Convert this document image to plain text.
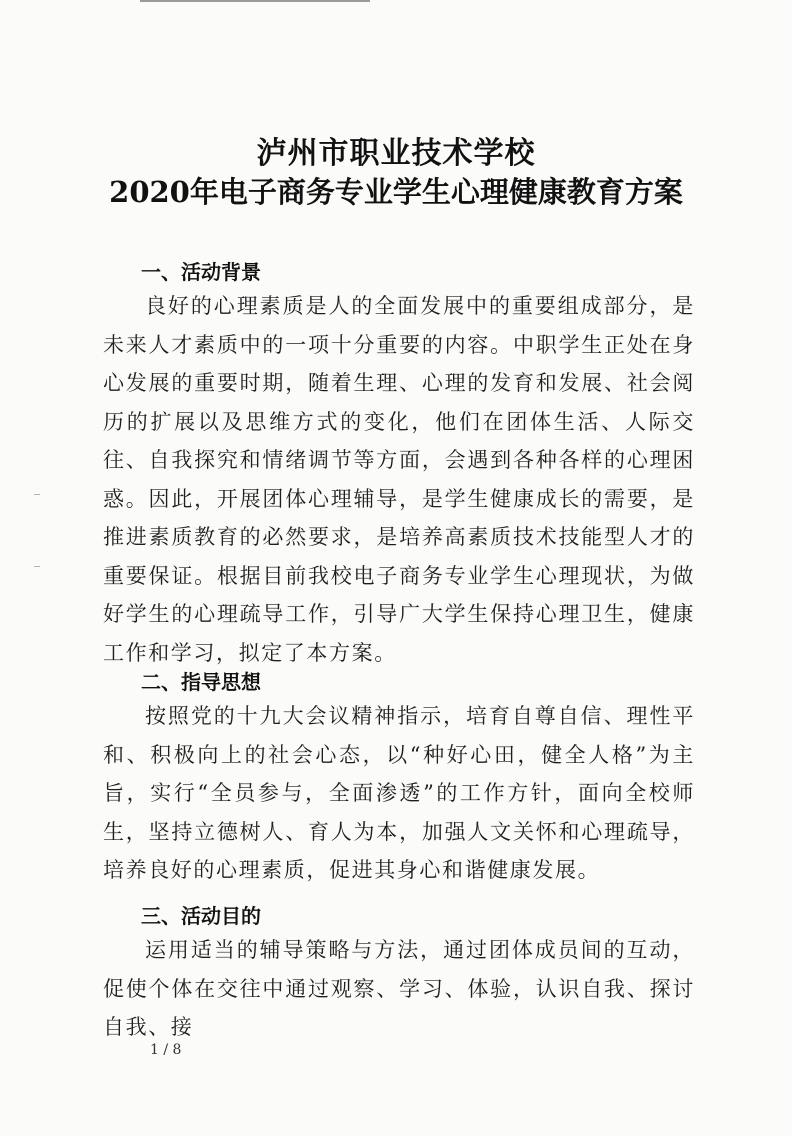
泸州市职业技术学校
2020年电子商务专业学生心理健康教育方案
一、活动背景

良好的心理素质是人的全面发展中的重要组成部分，是未来人才素质中的一项十分重要的内容。中职学生正处在身心发展的重要时期，随着生理、心理的发育和发展、社会阅历的扩展以及思维方式的变化，他们在团体生活、人际交往、自我探究和情绪调节等方面，会遇到各种各样的心理困惑。因此，开展团体心理辅导，是学生健康成长的需要，是推进素质教育的必然要求，是培养高素质技术技能型人才的重要保证。根据目前我校电子商务专业学生心理现状，为做好学生的心理疏导工作，引导广大学生保持心理卫生，健康工作和学习，拟定了本方案。

二、指导思想

按照党的十九大会议精神指示，培育自尊自信、理性平和、积极向上的社会心态，以“种好心田，健全人格”为主旨，实行“全员参与，全面渗透”的工作方针，面向全校师生，坚持立德树人、育人为本，加强人文关怀和心理疏导，培养良好的心理素质，促进其身心和谐健康发展。

三、活动目的

运用适当的辅导策略与方法，通过团体成员间的互动，促使个体在交往中通过观察、学习、体验，认识自我、探讨自我、接

1 / 8
